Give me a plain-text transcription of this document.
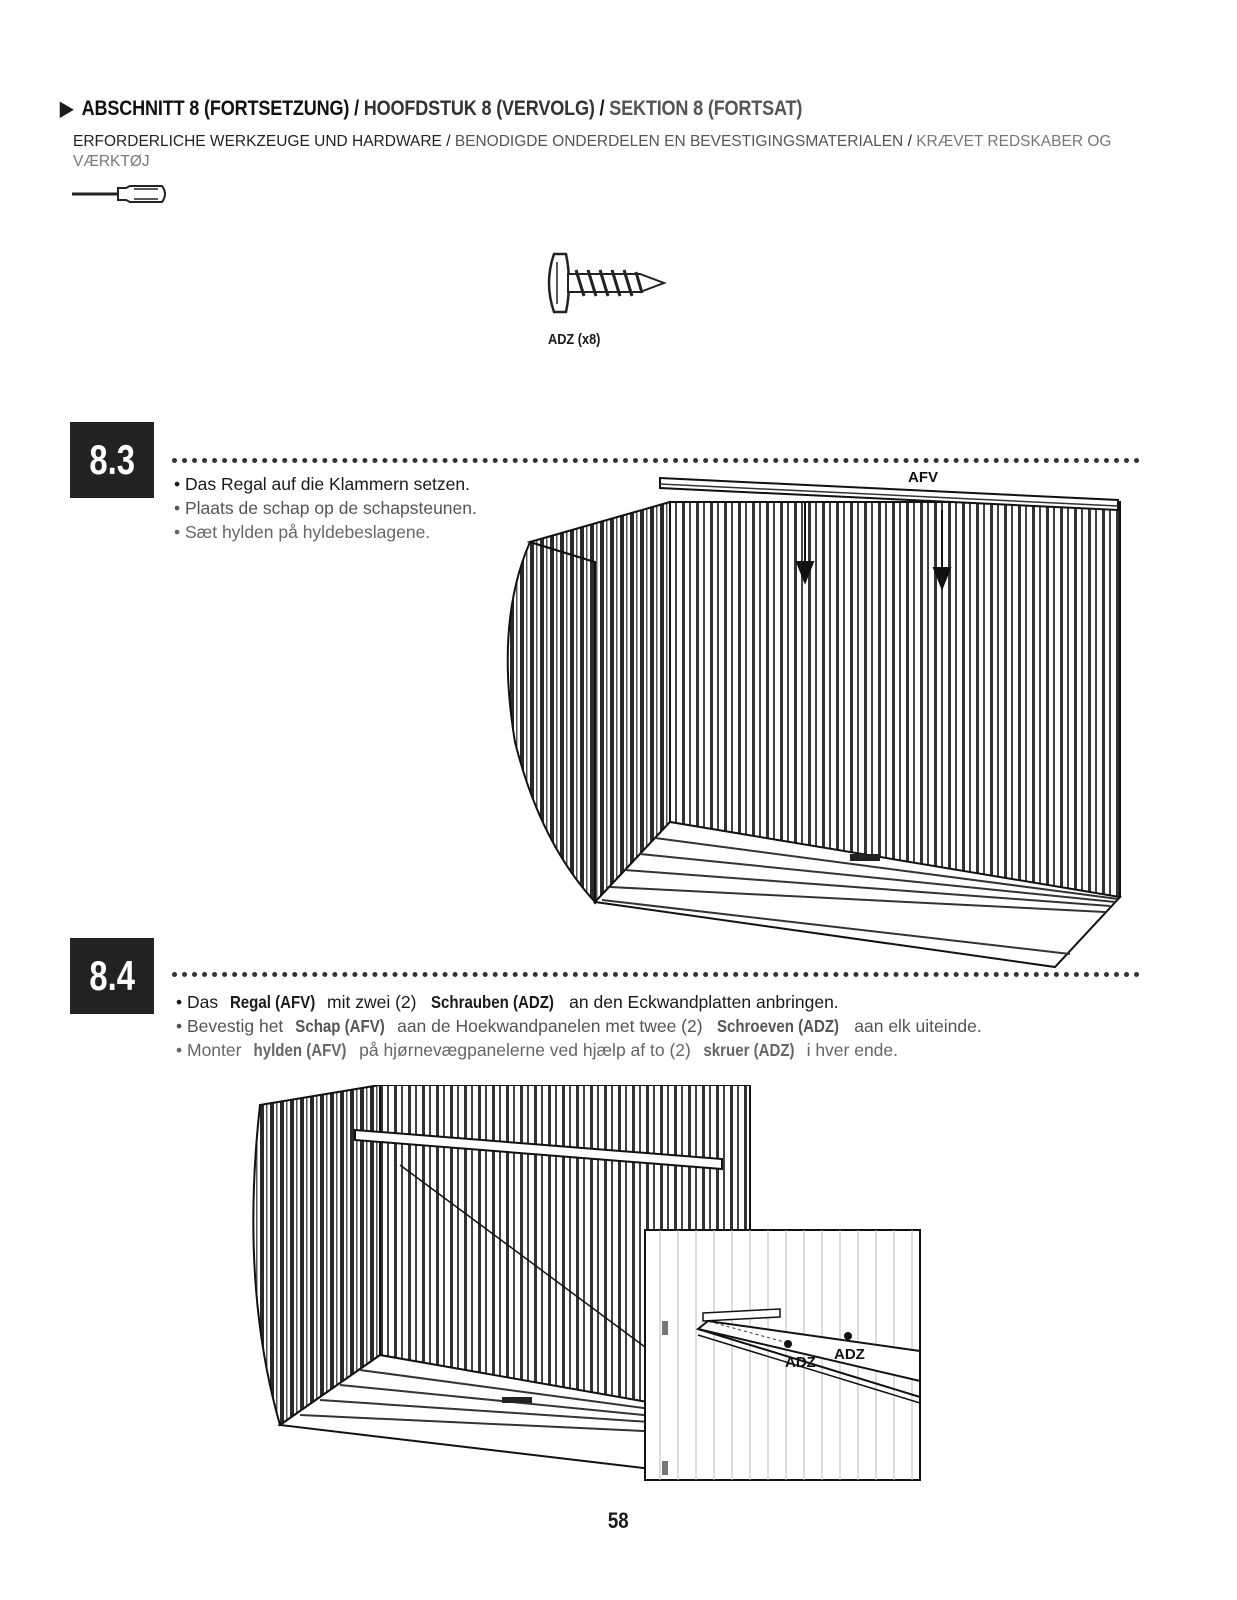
▶ ABSCHNITT 8 (FORTSETZUNG) / HOOFDSTUK 8 (VERVOLG) / SEKTION 8 (FORTSAT)
ERFORDERLICHE WERKZEUGE UND HARDWARE / BENODIGDE ONDERDELEN EN BEVESTIGINGSMATERIALEN / KRÆVET REDSKABER OG VÆRKTØJ
ADZ (x8)
8.3
• Das Regal auf die Klammern setzen.
• Plaats de schap op de schapsteunen.
• Sæt hylden på hyldebeslagene.
AFV
8.4
• Das Regal (AFV) mit zwei (2) Schrauben (ADZ) an den Eckwandplatten anbringen.
• Bevestig het Schap (AFV) aan de Hoekwandpanelen met twee (2) Schroeven (ADZ) aan elk uiteinde.
• Monter hylden (AFV) på hjørnevægpanelerne ved hjælp af to (2) skruer (ADZ) i hver ende.
ADZ ADZ
58
